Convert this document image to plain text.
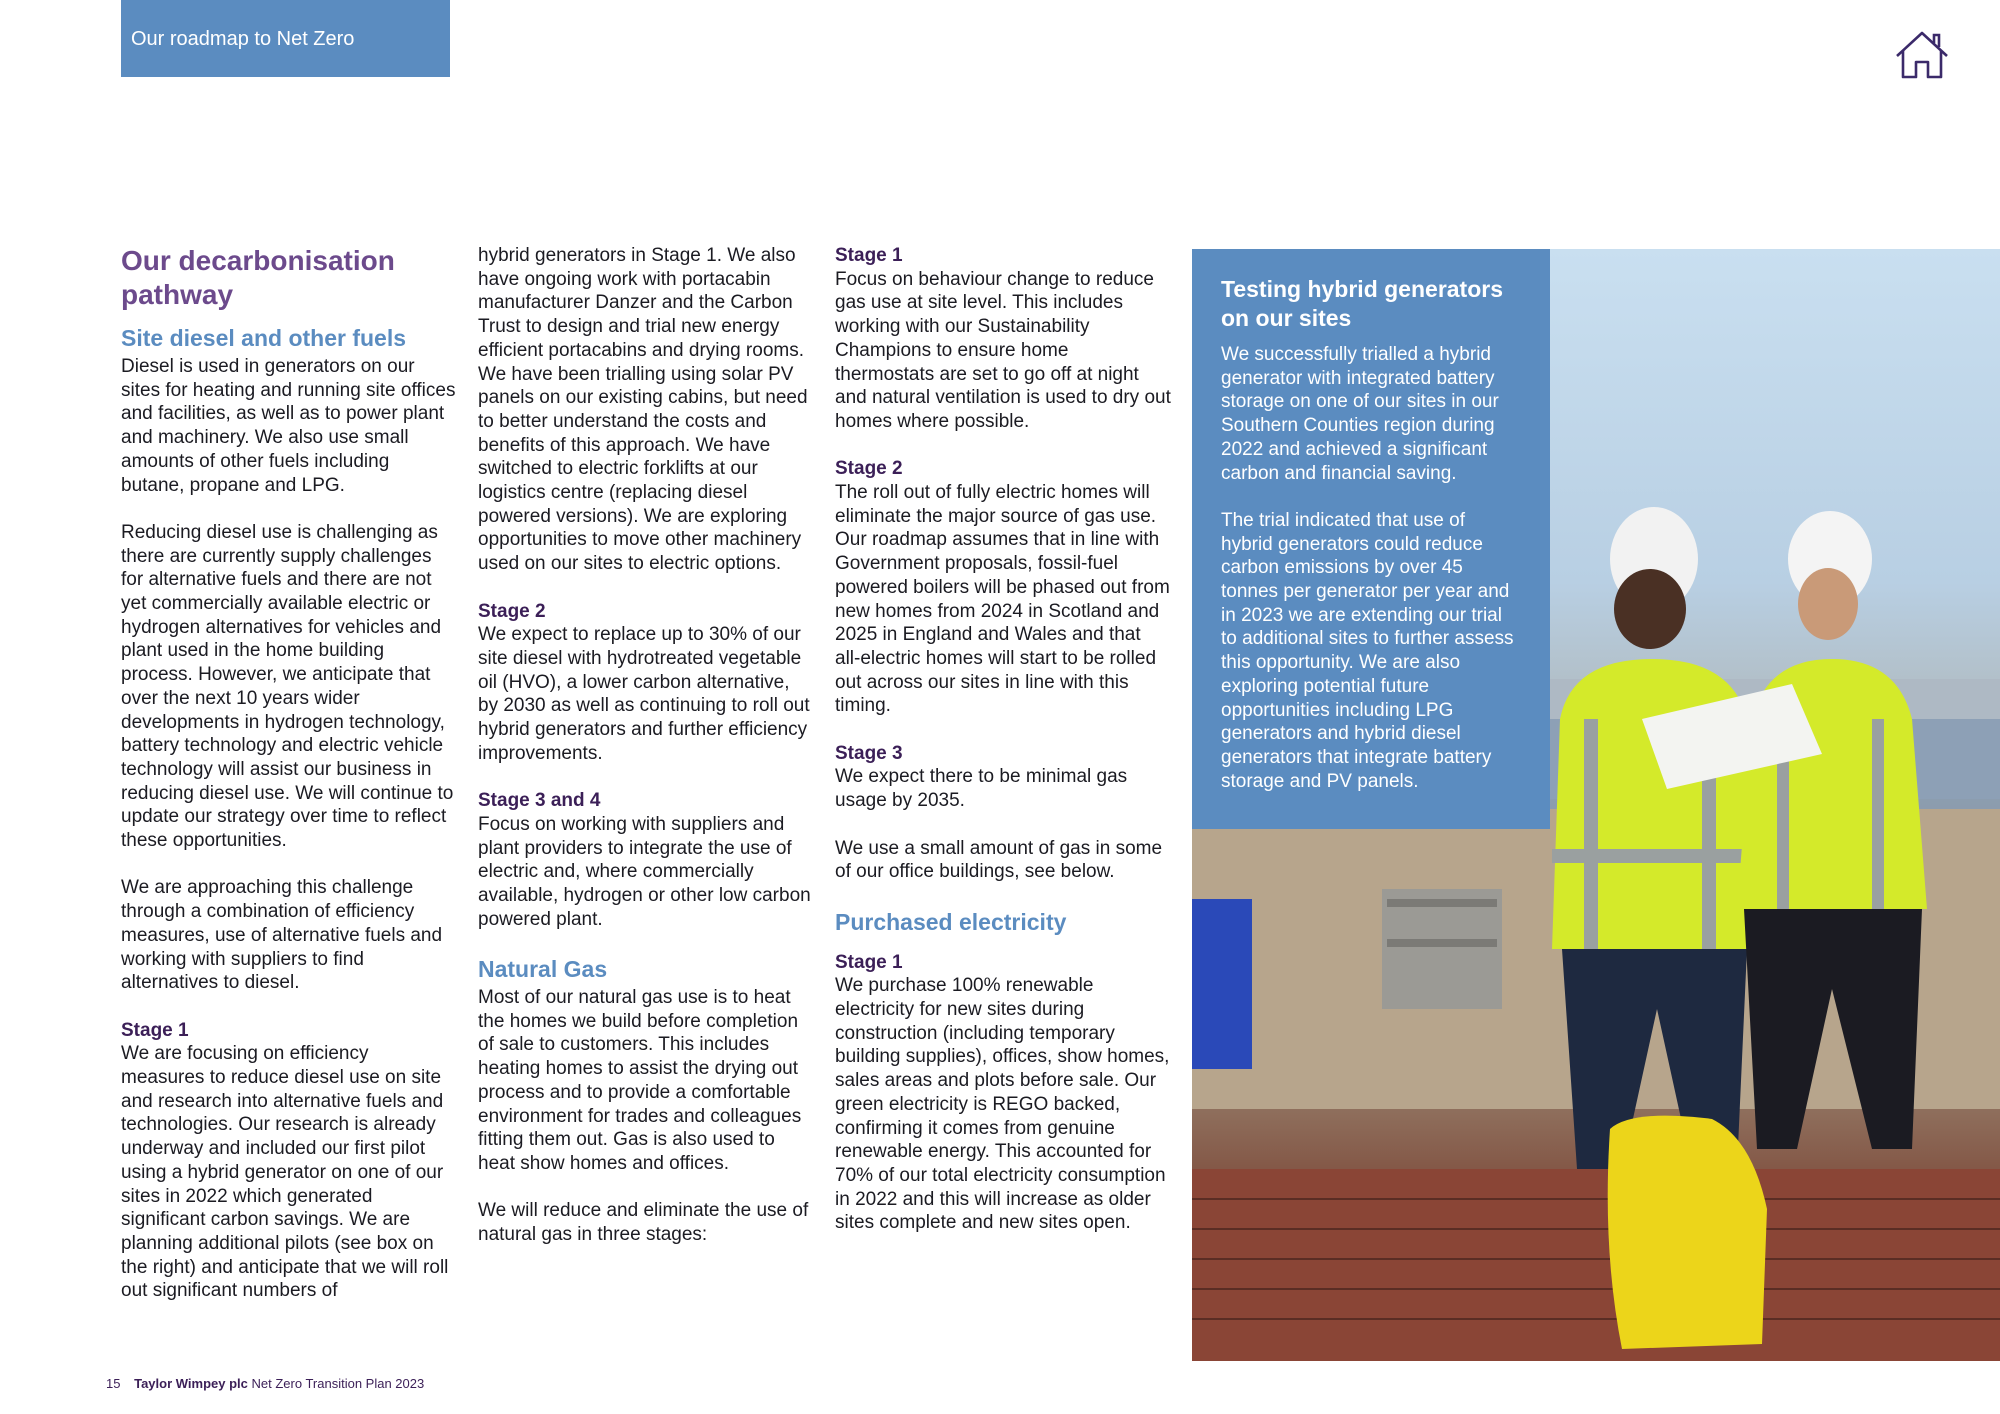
Our roadmap to Net Zero
Our decarbonisation pathway
Site diesel and other fuels

Diesel is used in generators on our sites for heating and running site offices and facilities, as well as to power plant and machinery. We also use small amounts of other fuels including butane, propane and LPG.

Reducing diesel use is challenging as there are currently supply challenges for alternative fuels and there are not yet commercially available electric or hydrogen alternatives for vehicles and plant used in the home building process. However, we anticipate that over the next 10 years wider developments in hydrogen technology, battery technology and electric vehicle technology will assist our business in reducing diesel use. We will continue to update our strategy over time to reflect these opportunities.

We are approaching this challenge through a combination of efficiency measures, use of alternative fuels and working with suppliers to find alternatives to diesel.

Stage 1

We are focusing on efficiency measures to reduce diesel use on site and research into alternative fuels and technologies. Our research is already underway and included our first pilot using a hybrid generator on one of our sites in 2022 which generated significant carbon savings. We are planning additional pilots (see box on the right) and anticipate that we will roll out significant numbers of

hybrid generators in Stage 1. We also have ongoing work with portacabin manufacturer Danzer and the Carbon Trust to design and trial new energy efficient portacabins and drying rooms. We have been trialling using solar PV panels on our existing cabins, but need to better understand the costs and benefits of this approach. We have switched to electric forklifts at our logistics centre (replacing diesel powered versions). We are exploring opportunities to move other machinery used on our sites to electric options.

Stage 2

We expect to replace up to 30% of our site diesel with hydrotreated vegetable oil (HVO), a lower carbon alternative, by 2030 as well as continuing to roll out hybrid generators and further efficiency improvements.

Stage 3 and 4

Focus on working with suppliers and plant providers to integrate the use of electric and, where commercially available, hydrogen or other low carbon powered plant.

Natural Gas

Most of our natural gas use is to heat the homes we build before completion of sale to customers. This includes heating homes to assist the drying out process and to provide a comfortable environment for trades and colleagues fitting them out. Gas is also used to heat show homes and offices.

We will reduce and eliminate the use of natural gas in three stages:

Stage 1

Focus on behaviour change to reduce gas use at site level. This includes working with our Sustainability Champions to ensure home thermostats are set to go off at night and natural ventilation is used to dry out homes where possible.

Stage 2

The roll out of fully electric homes will eliminate the major source of gas use. Our roadmap assumes that in line with Government proposals, fossil-fuel powered boilers will be phased out from new homes from 2024 in Scotland and 2025 in England and Wales and that all-electric homes will start to be rolled out across our sites in line with this timing.

Stage 3

We expect there to be minimal gas usage by 2035.

We use a small amount of gas in some of our office buildings, see below.

Purchased electricity
Stage 1

We purchase 100% renewable electricity for new sites during construction (including temporary building supplies), offices, show homes, sales areas and plots before sale. Our green electricity is REGO backed, confirming it comes from genuine renewable energy. This accounted for 70% of our total electricity consumption in 2022 and this will increase as older sites complete and new sites open.

Testing hybrid generators on our sites

We successfully trialled a hybrid generator with integrated battery storage on one of our sites in our Southern Counties region during 2022 and achieved a significant carbon and financial saving.

The trial indicated that use of hybrid generators could reduce carbon emissions by over 45 tonnes per generator per year and in 2023 we are extending our trial to additional sites to further assess this opportunity. We are also exploring potential future opportunities including LPG generators and hybrid diesel generators that integrate battery storage and PV panels.

15 Taylor Wimpey plc Net Zero Transition Plan 2023
